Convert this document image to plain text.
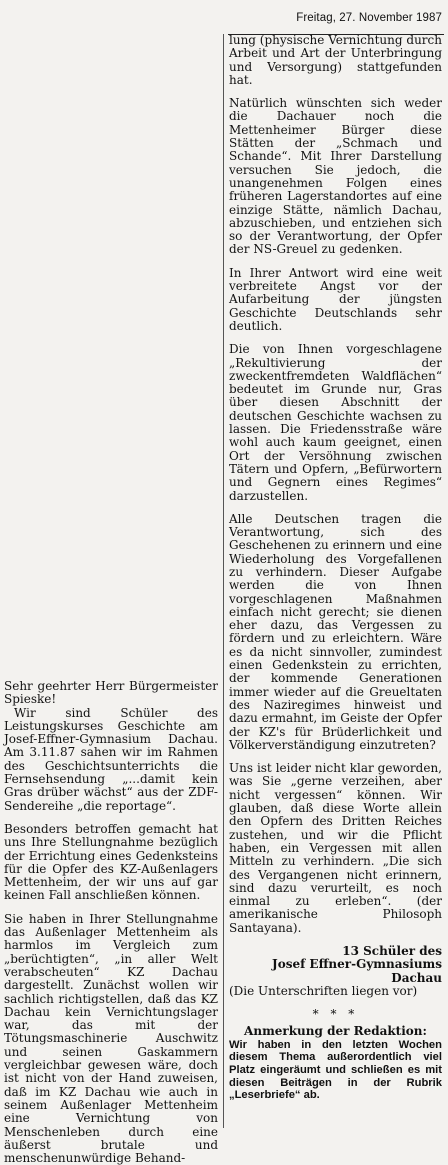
Freitag, 27. November 1987

lung (physische Vernichtung durch Arbeit und Art der Unterbringung und Versorgung) stattgefunden hat.

Natürlich wünschten sich weder die Dachauer noch die Mettenheimer Bürger diese Stätten der „Schmach und Schande“. Mit Ihrer Darstellung versuchen Sie jedoch, die unangenehmen Folgen eines früheren Lagerstandortes auf eine einzige Stätte, nämlich Dachau, abzuschieben, und entziehen sich so der Verantwortung, der Opfer der NS-Greuel zu gedenken.

In Ihrer Antwort wird eine weit verbreitete Angst vor der Aufarbeitung der jüngsten Geschichte Deutschlands sehr deutlich.

Die von Ihnen vorgeschlagene „Rekultivierung der zweckentfremdeten Waldflächen“ bedeutet im Grunde nur, Gras über diesen Abschnitt der deutschen Geschichte wachsen zu lassen. Die Friedensstraße wäre wohl auch kaum geeignet, einen Ort der Versöhnung zwischen Tätern und Opfern, „Befürwortern und Gegnern eines Regimes“ darzustellen.

Alle Deutschen tragen die Verantwortung, sich des Geschehenen zu erinnern und eine Wiederholung des Vorgefallenen zu verhindern. Dieser Aufgabe werden die von Ihnen vorgeschlagenen Maßnahmen einfach nicht gerecht; sie dienen eher dazu, das Vergessen zu fördern und zu erleichtern. Wäre es da nicht sinnvoller, zumindest einen Gedenkstein zu errichten, der kommende Generationen immer wieder auf die Greueltaten des Naziregimes hinweist und dazu ermahnt, im Geiste der Opfer der KZ's für Brüderlichkeit und Völkerverständigung einzutreten?

Uns ist leider nicht klar geworden, was Sie „gerne verzeihen, aber nicht vergessen“ können. Wir glauben, daß diese Worte allein den Opfern des Dritten Reiches zustehen, und wir die Pflicht haben, ein Vergessen mit allen Mitteln zu verhindern. „Die sich des Vergangenen nicht erinnern, sind dazu verurteilt, es noch einmal zu erleben“. (der amerikanische Philosoph Santayana).

13 Schüler des
Josef Effner-Gymnasiums
Dachau
(Die Unterschriften liegen vor)
* * *
Anmerkung der Redaktion:
Wir haben in den letzten Wochen diesem Thema außerordentlich viel Platz eingeräumt und schließen es mit diesen Beiträgen in der Rubrik „Leserbriefe“ ab.

Sehr geehrter Herr Bürgermeister Spieske!

Wir sind Schüler des Leistungskurses Geschichte am Josef-Effner-Gymnasium Dachau. Am 3.11.87 sahen wir im Rahmen des Geschichtsunterrichts die Fernsehsendung „...damit kein Gras drüber wächst“ aus der ZDF-Sendereihe „die reportage“.

Besonders betroffen gemacht hat uns Ihre Stellungnahme bezüglich der Errichtung eines Gedenksteins für die Opfer des KZ-Außenlagers Mettenheim, der wir uns auf gar keinen Fall anschließen können.

Sie haben in Ihrer Stellungnahme das Außenlager Mettenheim als harmlos im Vergleich zum „berüchtigten“, „in aller Welt verabscheuten“ KZ Dachau dargestellt. Zunächst wollen wir sachlich richtigstellen, daß das KZ Dachau kein Vernichtungslager war, das mit der Tötungsmaschinerie Auschwitz und seinen Gaskammern vergleichbar gewesen wäre, doch ist nicht von der Hand zuweisen, daß im KZ Dachau wie auch in seinem Außenlager Mettenheim eine Vernichtung von Menschenleben durch eine äußerst brutale und menschenunwürdige Behand-
